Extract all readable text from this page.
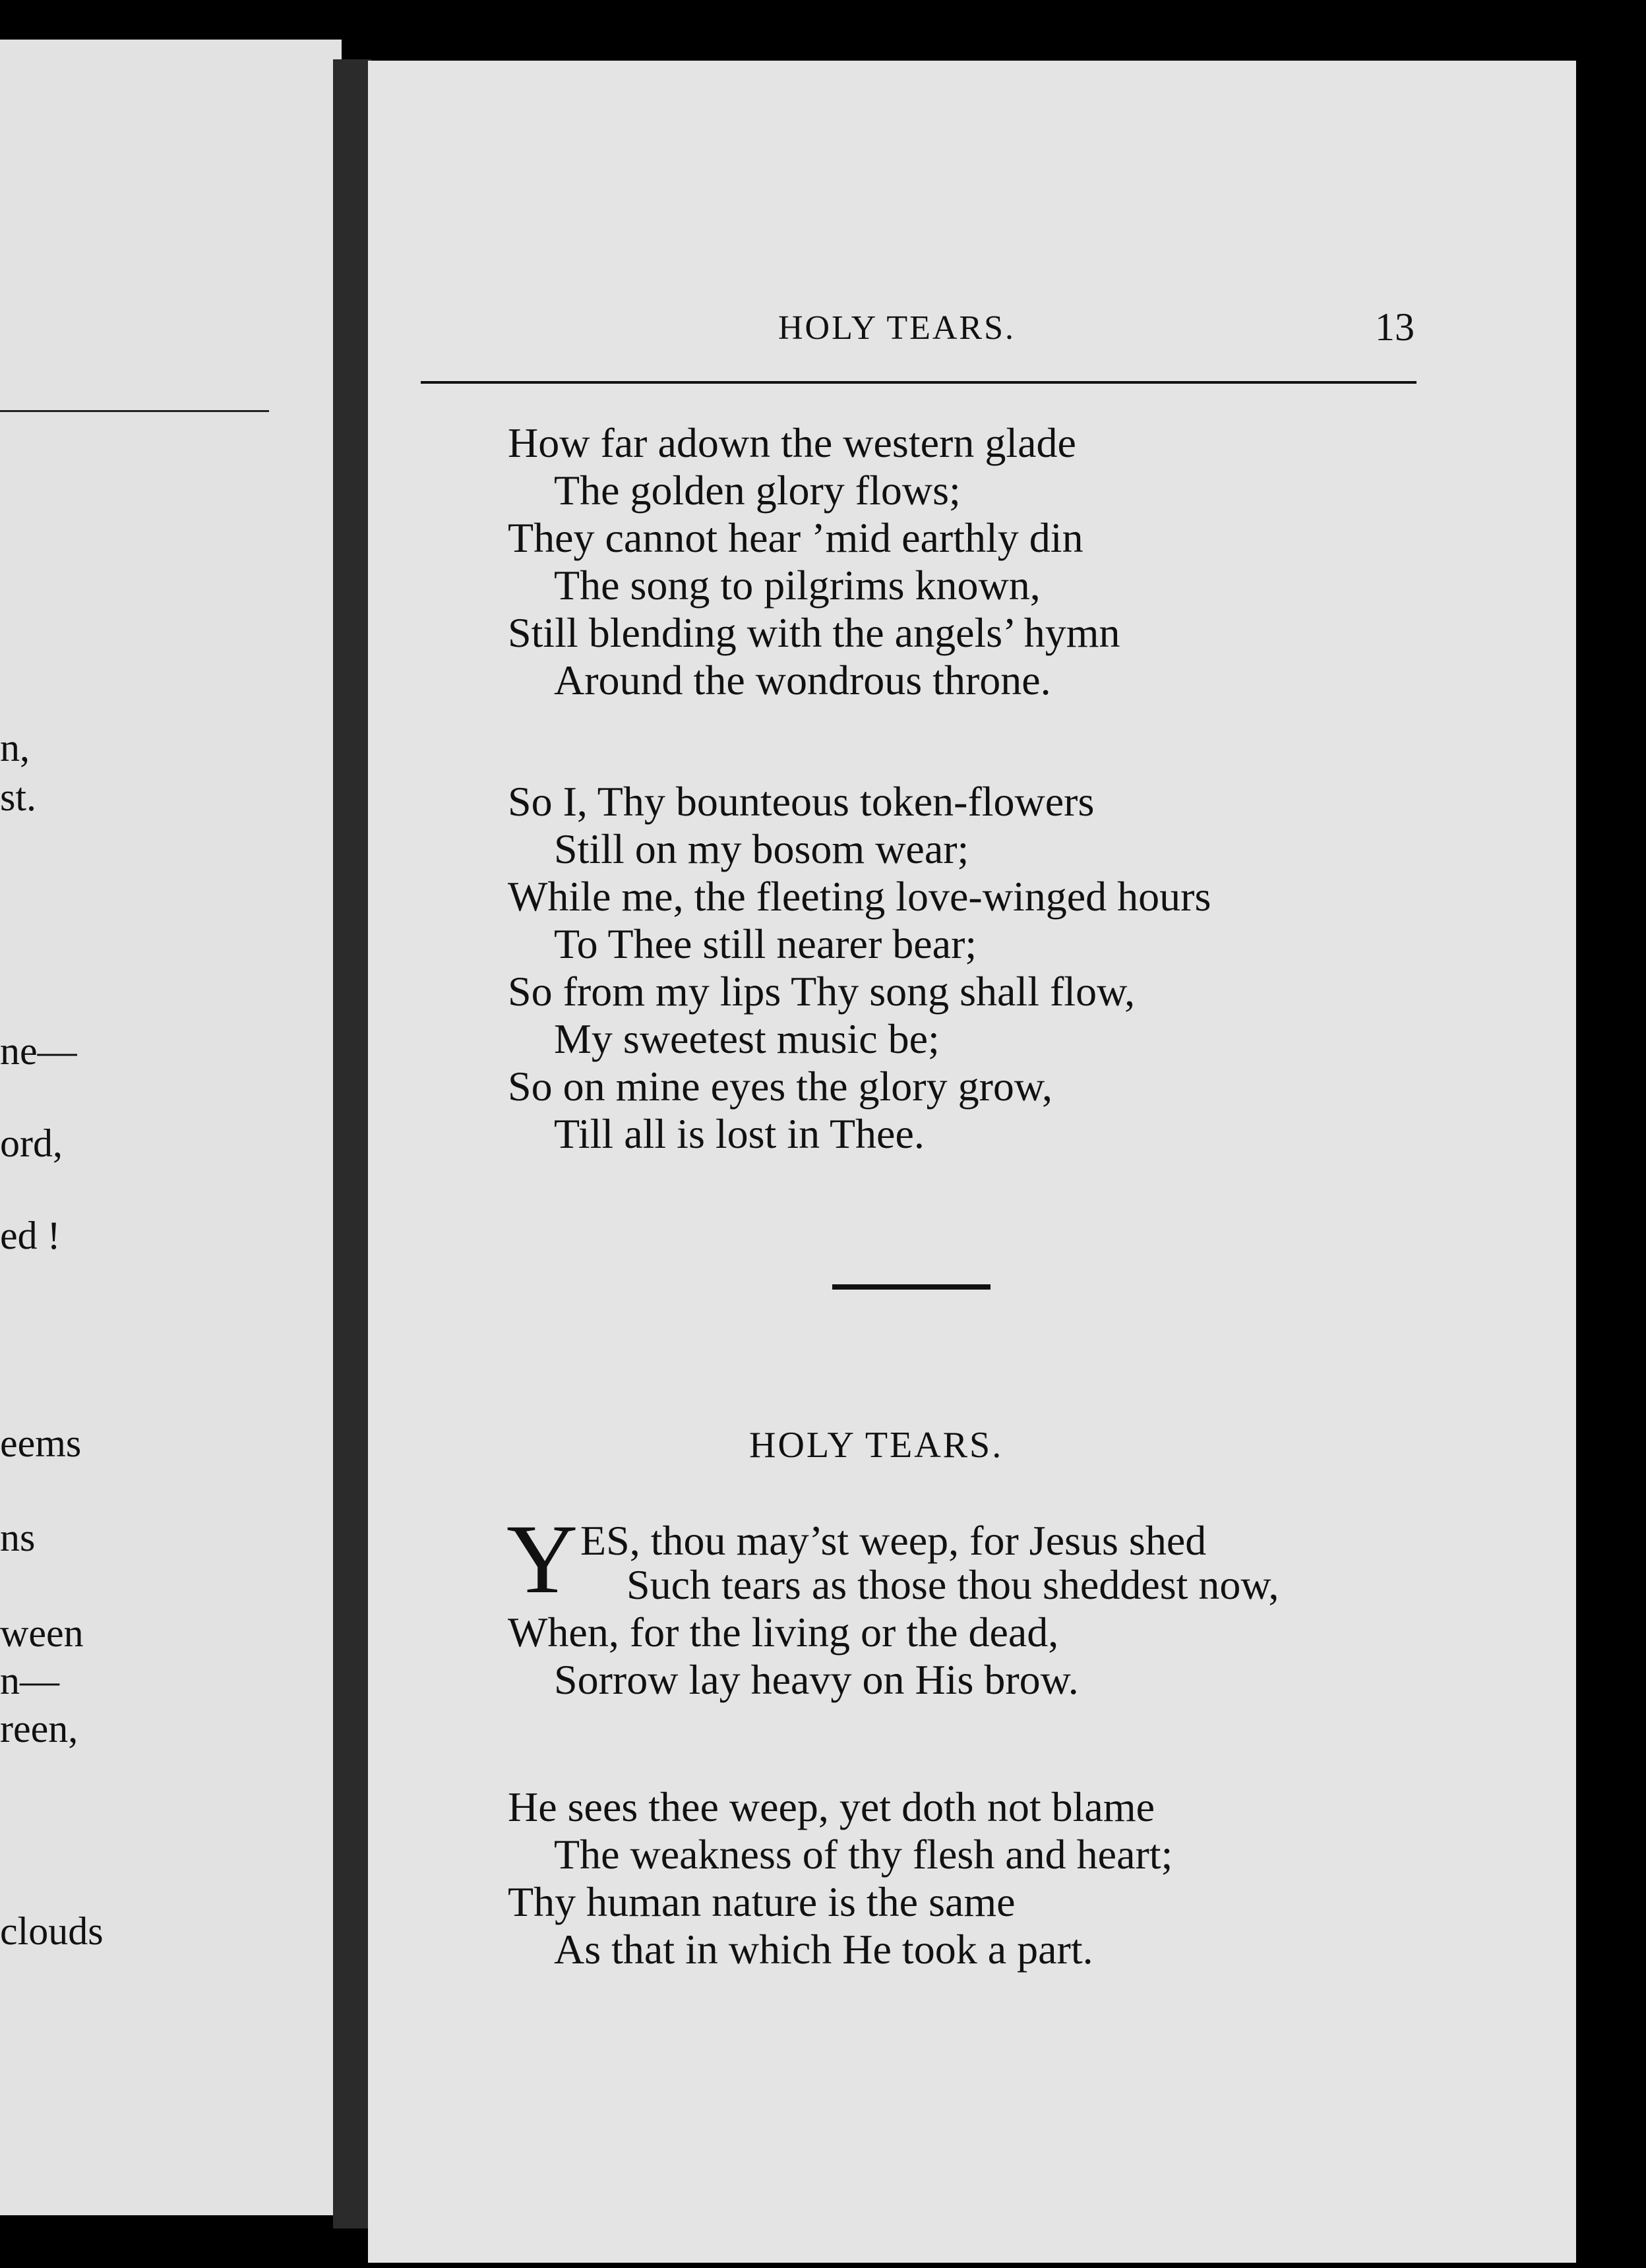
n,
st.
ne—
ord,
ed !
eems
ns
ween
n—
reen,
clouds
HOLY TEARS.	13
How far adown the western glade
The golden glory flows;
They cannot hear ’mid earthly din
The song to pilgrims known,
Still blending with the angels’ hymn
Around the wondrous throne.
So I, Thy bounteous token-flowers
Still on my bosom wear;
While me, the fleeting love-winged hours
To Thee still nearer bear;
So from my lips Thy song shall flow,
My sweetest music be;
So on mine eyes the glory grow,
Till all is lost in Thee.
HOLY TEARS.
Y ES, thou may’st weep, for Jesus shed
Such tears as those thou sheddest now,
When, for the living or the dead,
Sorrow lay heavy on His brow.
He sees thee weep, yet doth not blame
The weakness of thy flesh and heart;
Thy human nature is the same
As that in which He took a part.
